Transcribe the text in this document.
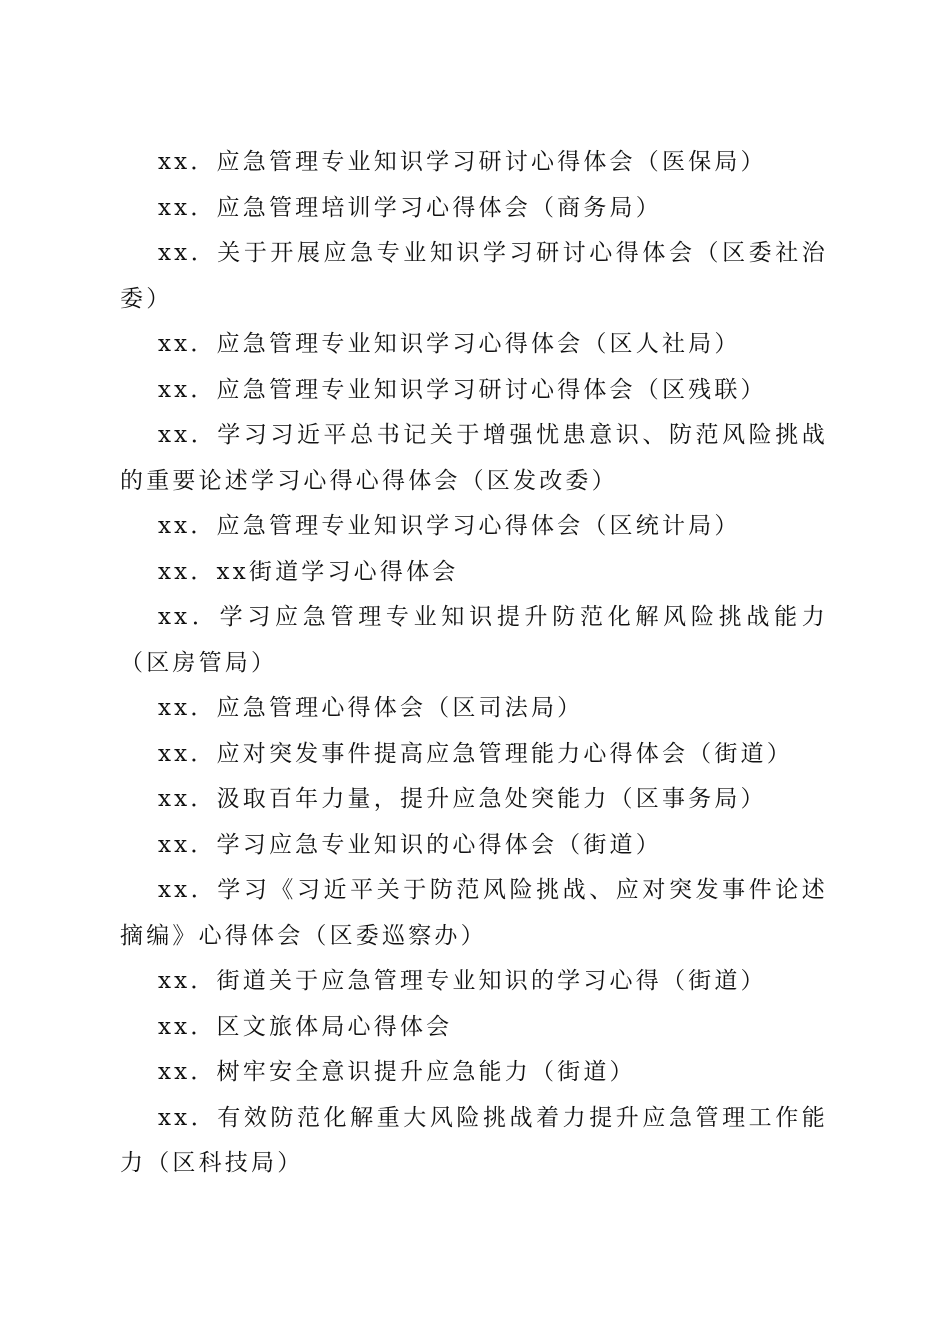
xx．应急管理专业知识学习研讨心得体会（医保局）

xx．应急管理培训学习心得体会（商务局）

xx．关于开展应急专业知识学习研讨心得体会（区委社治委）

xx．应急管理专业知识学习心得体会（区人社局）

xx．应急管理专业知识学习研讨心得体会（区残联）

xx．学习习近平总书记关于增强忧患意识、防范风险挑战的重要论述学习心得心得体会（区发改委）

xx．应急管理专业知识学习心得体会（区统计局）

xx．xx街道学习心得体会

xx．学习应急管理专业知识提升防范化解风险挑战能力（区房管局）

xx．应急管理心得体会（区司法局）

xx．应对突发事件提高应急管理能力心得体会（街道）

xx．汲取百年力量，提升应急处突能力（区事务局）

xx．学习应急专业知识的心得体会（街道）

xx．学习《习近平关于防范风险挑战、应对突发事件论述摘编》心得体会（区委巡察办）

xx．街道关于应急管理专业知识的学习心得（街道）

xx．区文旅体局心得体会

xx．树牢安全意识提升应急能力（街道）

xx．有效防范化解重大风险挑战着力提升应急管理工作能力（区科技局）
